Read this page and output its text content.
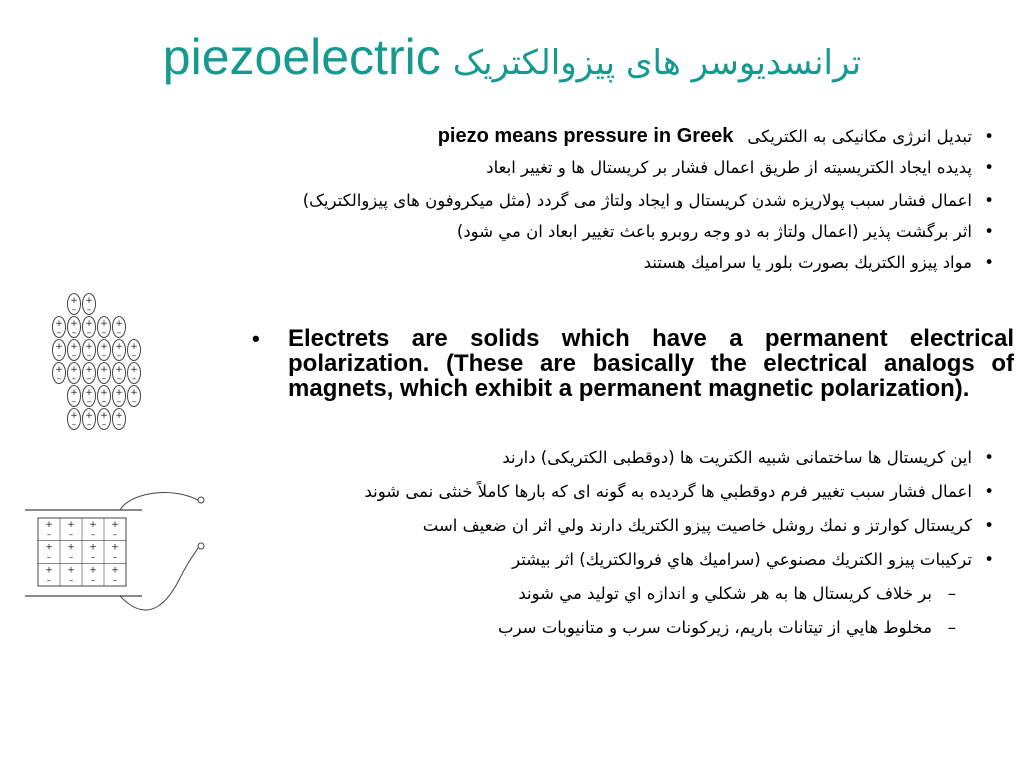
piezoelectric ترانسدیوسر های پیزوالکتریک
•
تبدیل انرژی مکانیکی به الکتریکیpiezo means pressure in Greek
•
پدیده ایجاد الکتریسیته از طریق اعمال فشار بر کریستال ها و تغییر ابعاد
•
اعمال فشار سبب پولاریزه شدن کریستال و ایجاد ولتاژ می گردد (مثل میکروفون های پیزوالکتریک)
•
اثر برگشت پذیر (اعمال ولتاژ به دو وجه روبرو باعث تغيير ابعاد ان مي شود)
•
مواد پيزو الكتريك بصورت بلور يا سراميك هستند
• Electrets are solids which have a permanent electrical polarization. (These are basically the electrical analogs of magnets, which exhibit a permanent magnetic polarization).
•
این کریستال ها ساختمانی شبیه الکتریت ها (دوقطبی الکتریکی) دارند
•
اعمال فشار سبب تغيير فرم دوقطبي ها گرديده به گونه ای كه بارها کاملاً خنثی نمی شوند
•
كريستال كوارتز و نمك روشل خاصيت پيزو الكتريك دارند ولي اثر ان ضعيف است
•
تركيبات پيزو الكتريك مصنوعي (سراميك هاي فروالكتريك) اثر بيشتر
–
بر خلاف کریستال ها به هر شكلي و اندازه اي توليد مي شوند
–
مخلوط هايي از تيتانات باريم، زيركونات سرب و متانيوبات سرب
+
–
+
–
+
–
+
–
+
–
+
–
+
–
+
–
+
–
+
–
+
–
+
–
+
–
+
–
+
–
+
–
+
–
+
–
+
–
+
–
+
–
+
–
+
–
+
–
+
–
+
–
+
–
+
–
+
–
+
–
+
–
+
–
+
–
+
–
+
–
+
–
+
–
+
–
+
–
+
–
